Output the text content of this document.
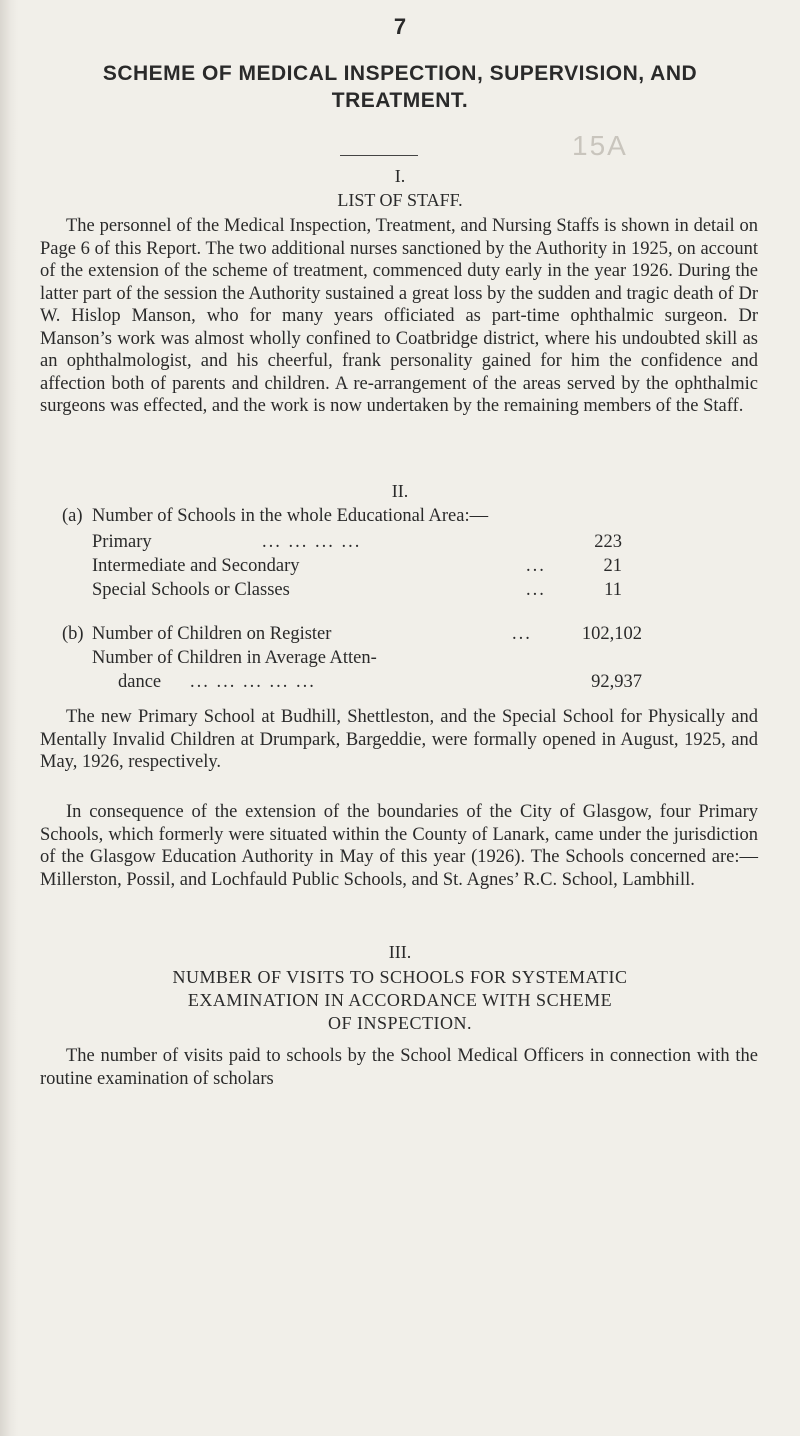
7
SCHEME OF MEDICAL INSPECTION, SUPERVISION, AND TREATMENT.
15A
I.
LIST OF STAFF.

The personnel of the Medical Inspection, Treatment, and Nursing Staffs is shown in detail on Page 6 of this Report. The two additional nurses sanctioned by the Authority in 1925, on account of the extension of the scheme of treatment, commenced duty early in the year 1926. During the latter part of the session the Authority sustained a great loss by the sudden and tragic death of Dr W. Hislop Manson, who for many years officiated as part-time ophthalmic surgeon. Dr Manson’s work was almost wholly confined to Coatbridge district, where his undoubted skill as an ophthalmologist, and his cheerful, frank personality gained for him the confidence and affection both of parents and children. A re-arrangement of the areas served by the ophthalmic surgeons was effected, and the work is now undertaken by the remaining members of the Staff.

II.
(a) Number of Schools in the whole Educational Area:—
Primary	... ... ... ...	223
Intermediate and Secondary	...	21
Special Schools or Classes	...	11
(b) Number of Children on Register	...	102,102
Number of Children in Average Atten-
dance ... ... ... ... ...	92,937

The new Primary School at Budhill, Shettleston, and the Special School for Physically and Mentally Invalid Children at Drumpark, Bargeddie, were formally opened in August, 1925, and May, 1926, respectively.

In consequence of the extension of the boundaries of the City of Glasgow, four Primary Schools, which formerly were situated within the County of Lanark, came under the jurisdiction of the Glasgow Education Authority in May of this year (1926). The Schools concerned are:—Millerston, Possil, and Lochfauld Public Schools, and St. Agnes’ R.C. School, Lambhill.

III.
NUMBER OF VISITS TO SCHOOLS FOR SYSTEMATIC
EXAMINATION IN ACCORDANCE WITH SCHEME
OF INSPECTION.

The number of visits paid to schools by the School Medical Officers in connection with the routine examination of scholars
